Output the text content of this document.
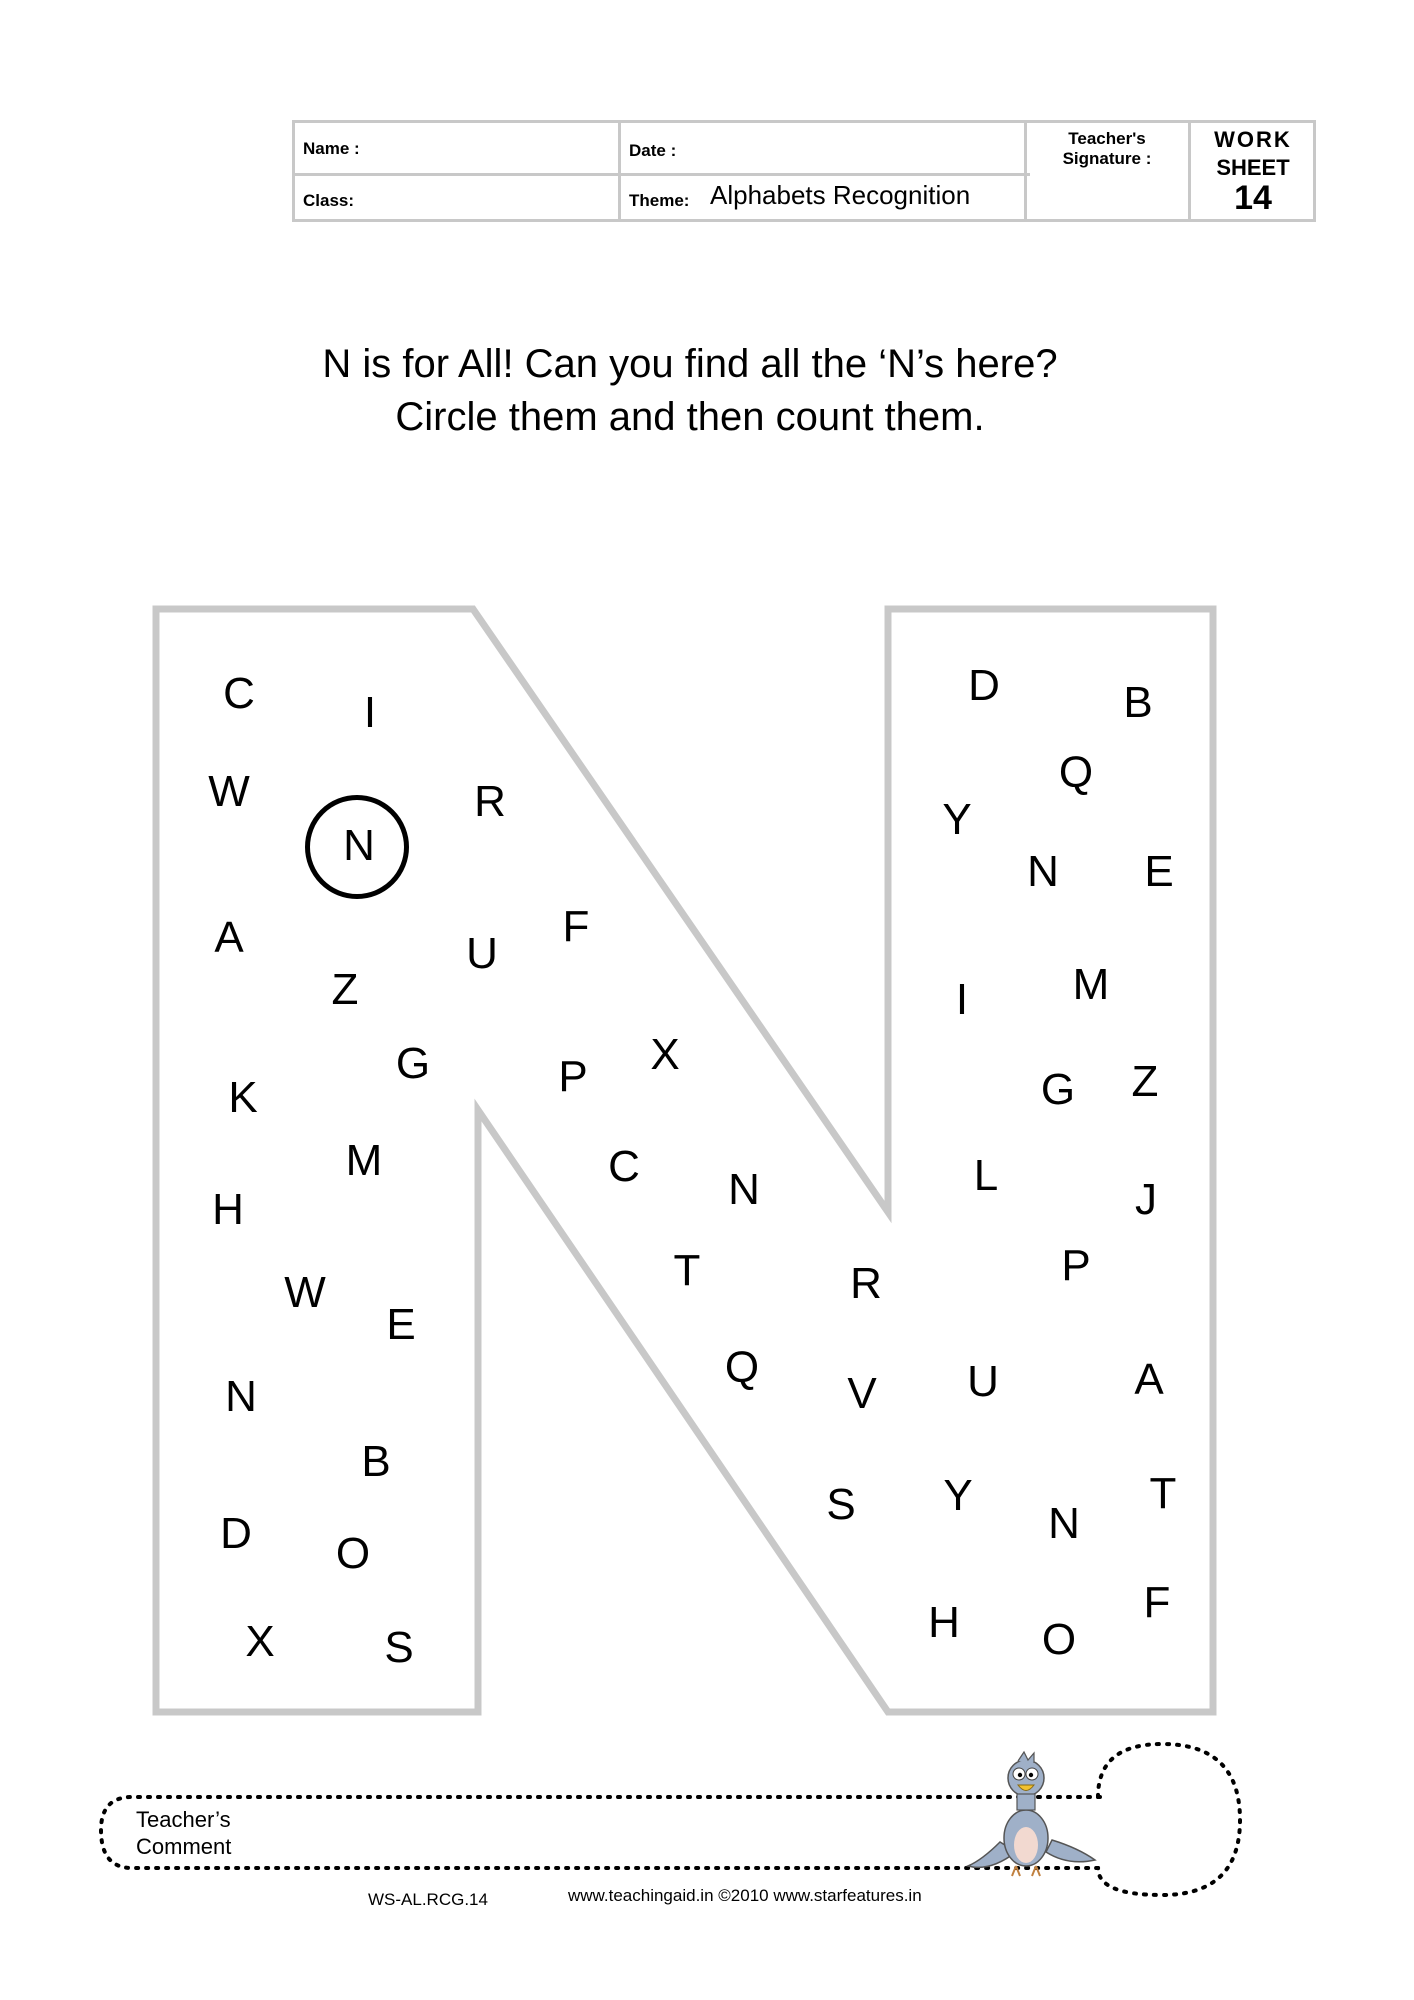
Name :	Date :
Class:	Theme: Alphabets Recognition
Teacher's Signature :
WORK
SHEET
14
N is for All! Can you find all the ‘N’s here?
Circle them and then count them.
C I
W
N
R
A	U
F
Z
G	P X
K
M	C N
H
W	T
E
R
Q
V
N
B
S
D O
X S
D	B
Q
Y
N E
I M
G Z
L	J
P
U	A
Y
N
T
H O
F
Teacher’s
Comment
WS-AL.RCG.14	www.teachingaid.in ©2010 www.starfeatures.in
